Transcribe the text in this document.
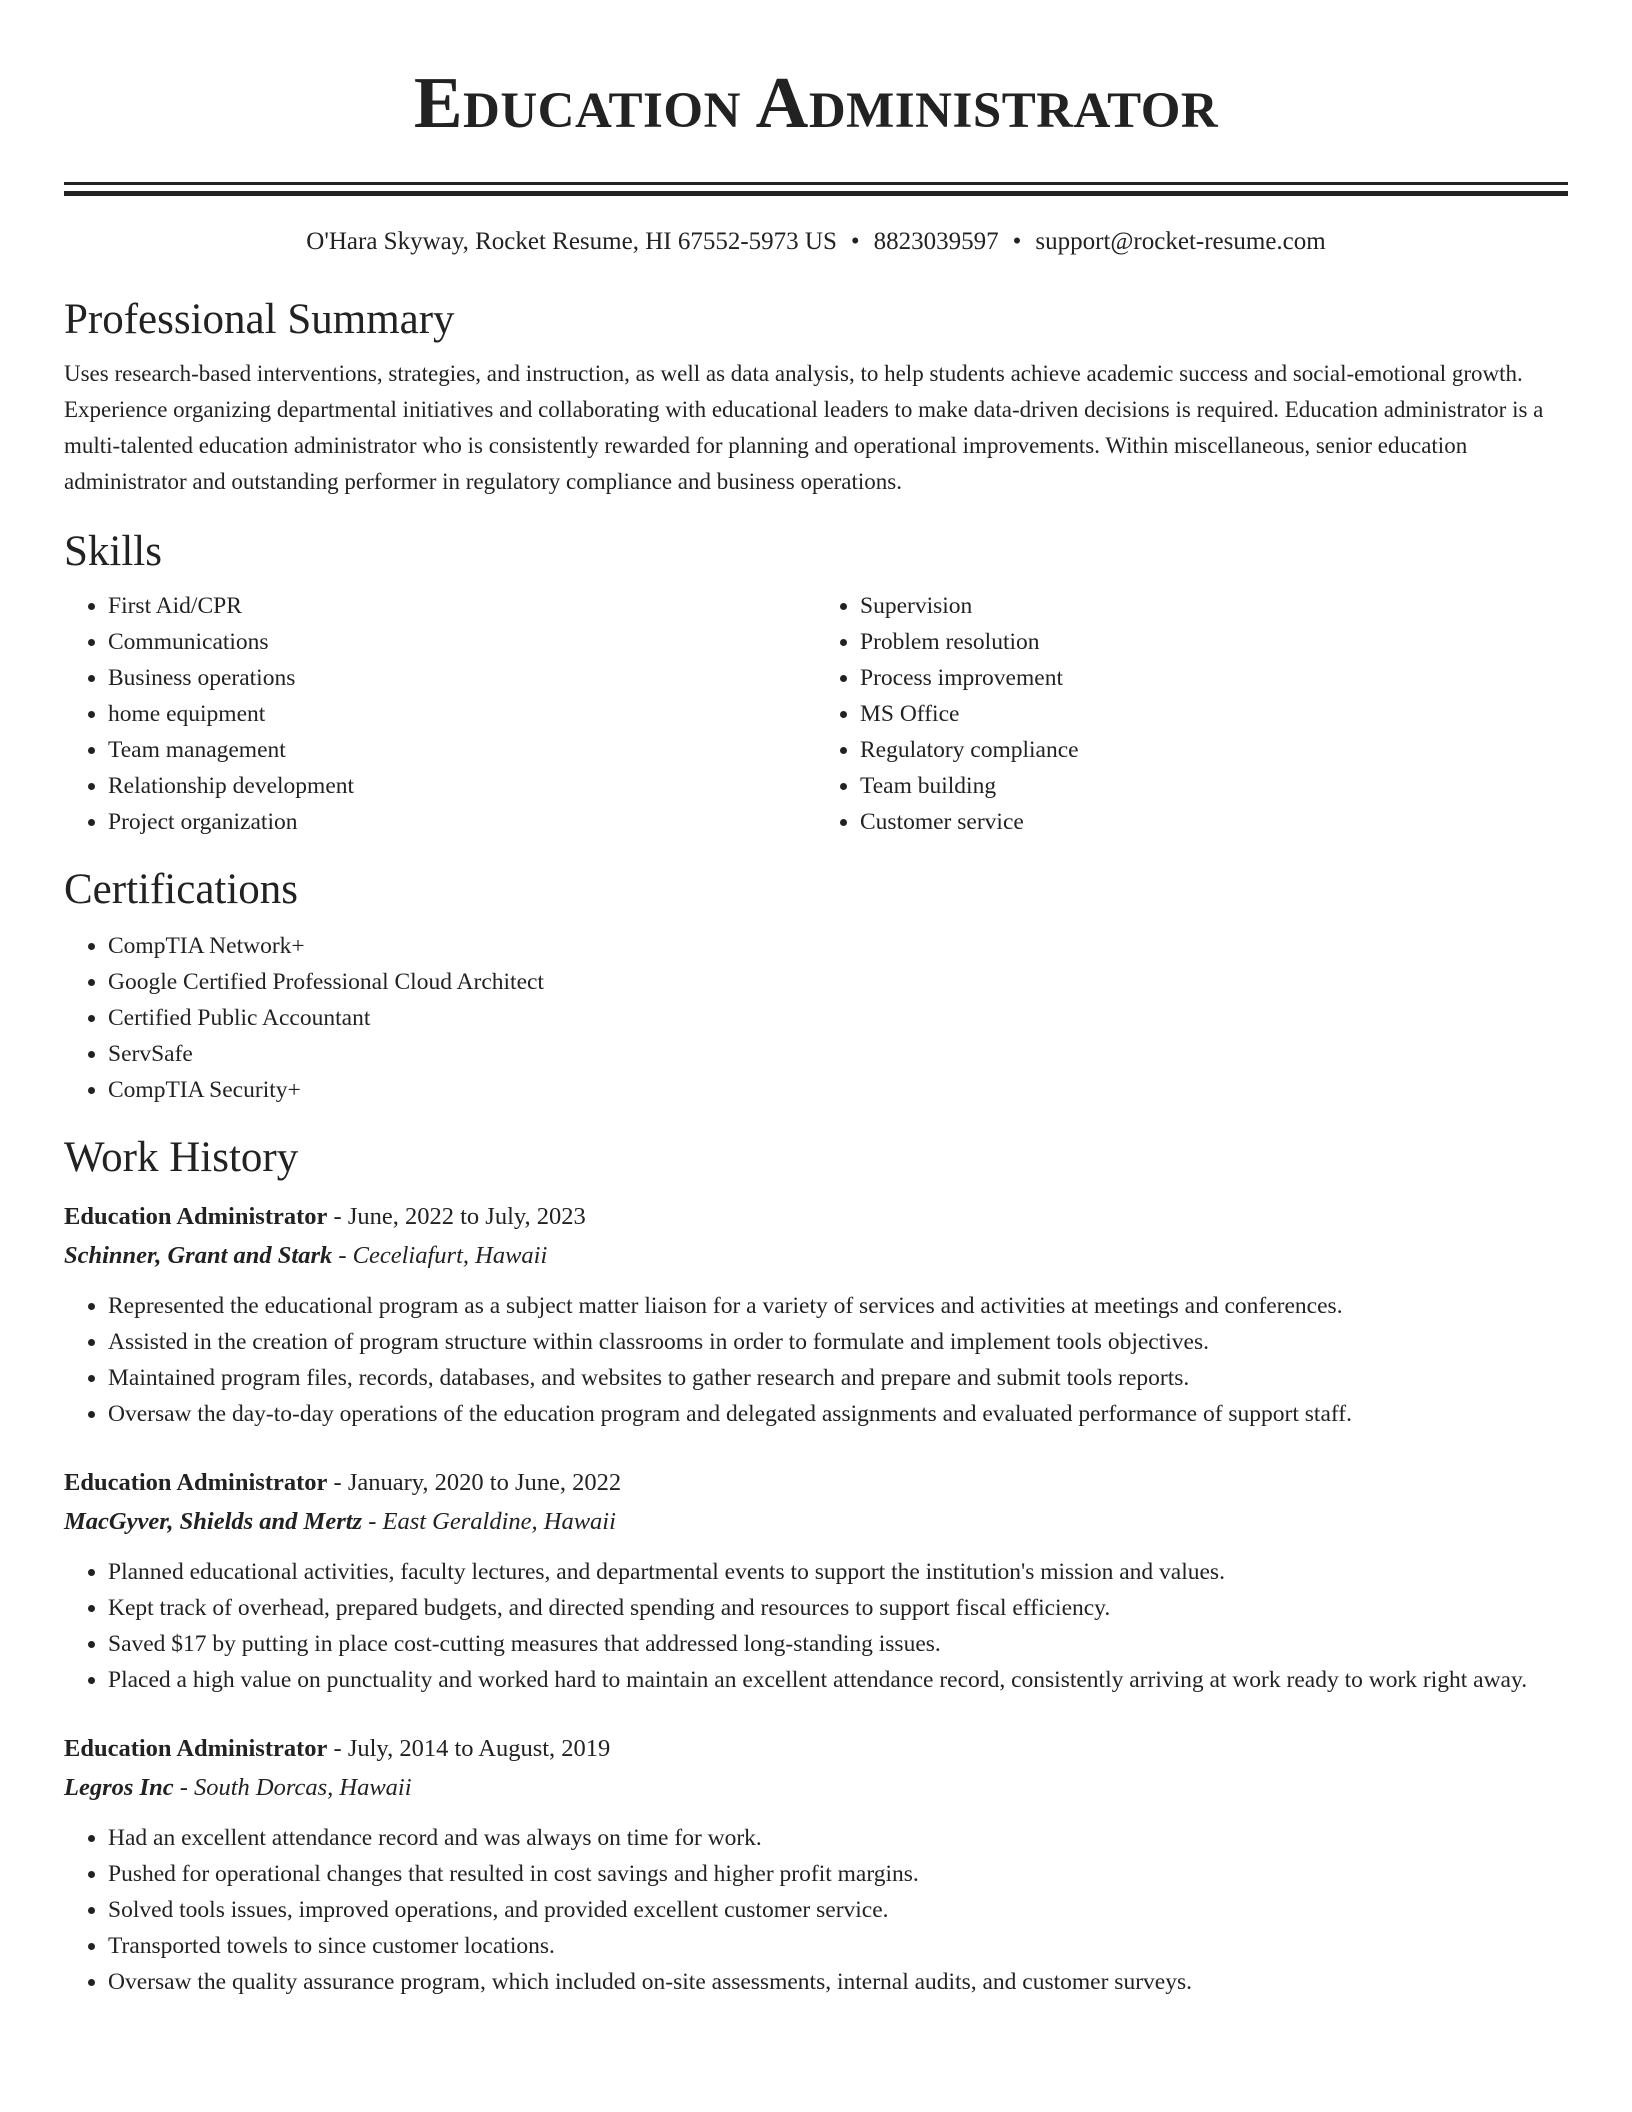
Education Administrator
O'Hara Skyway, Rocket Resume, HI 67552-5973 US • 8823039597 • support@rocket-resume.com
Professional Summary

Uses research-based interventions, strategies, and instruction, as well as data analysis, to help students achieve academic success and social-emotional growth. Experience organizing departmental initiatives and collaborating with educational leaders to make data-driven decisions is required. Education administrator is a multi-talented education administrator who is consistently rewarded for planning and operational improvements. Within miscellaneous, senior education administrator and outstanding performer in regulatory compliance and business operations.

Skills
• First Aid/CPR
• Communications
• Business operations
• home equipment
• Team management
• Relationship development
• Project organization
• Supervision
• Problem resolution
• Process improvement
• MS Office
• Regulatory compliance
• Team building
• Customer service
Certifications
• CompTIA Network+
• Google Certified Professional Cloud Architect
• Certified Public Accountant
• ServSafe
• CompTIA Security+
Work History

Education Administrator - June, 2022 to July, 2023

Schinner, Grant and Stark - Ceceliafurt, Hawaii

• Represented the educational program as a subject matter liaison for a variety of services and activities at meetings and conferences.
• Assisted in the creation of program structure within classrooms in order to formulate and implement tools objectives.
• Maintained program files, records, databases, and websites to gather research and prepare and submit tools reports.
• Oversaw the day-to-day operations of the education program and delegated assignments and evaluated performance of support staff.

Education Administrator - January, 2020 to June, 2022

MacGyver, Shields and Mertz - East Geraldine, Hawaii

• Planned educational activities, faculty lectures, and departmental events to support the institution's mission and values.
• Kept track of overhead, prepared budgets, and directed spending and resources to support fiscal efficiency.
• Saved $17 by putting in place cost-cutting measures that addressed long-standing issues.
• Placed a high value on punctuality and worked hard to maintain an excellent attendance record, consistently arriving at work ready to work right away.

Education Administrator - July, 2014 to August, 2019

Legros Inc - South Dorcas, Hawaii

• Had an excellent attendance record and was always on time for work.
• Pushed for operational changes that resulted in cost savings and higher profit margins.
• Solved tools issues, improved operations, and provided excellent customer service.
• Transported towels to since customer locations.
• Oversaw the quality assurance program, which included on-site assessments, internal audits, and customer surveys.
